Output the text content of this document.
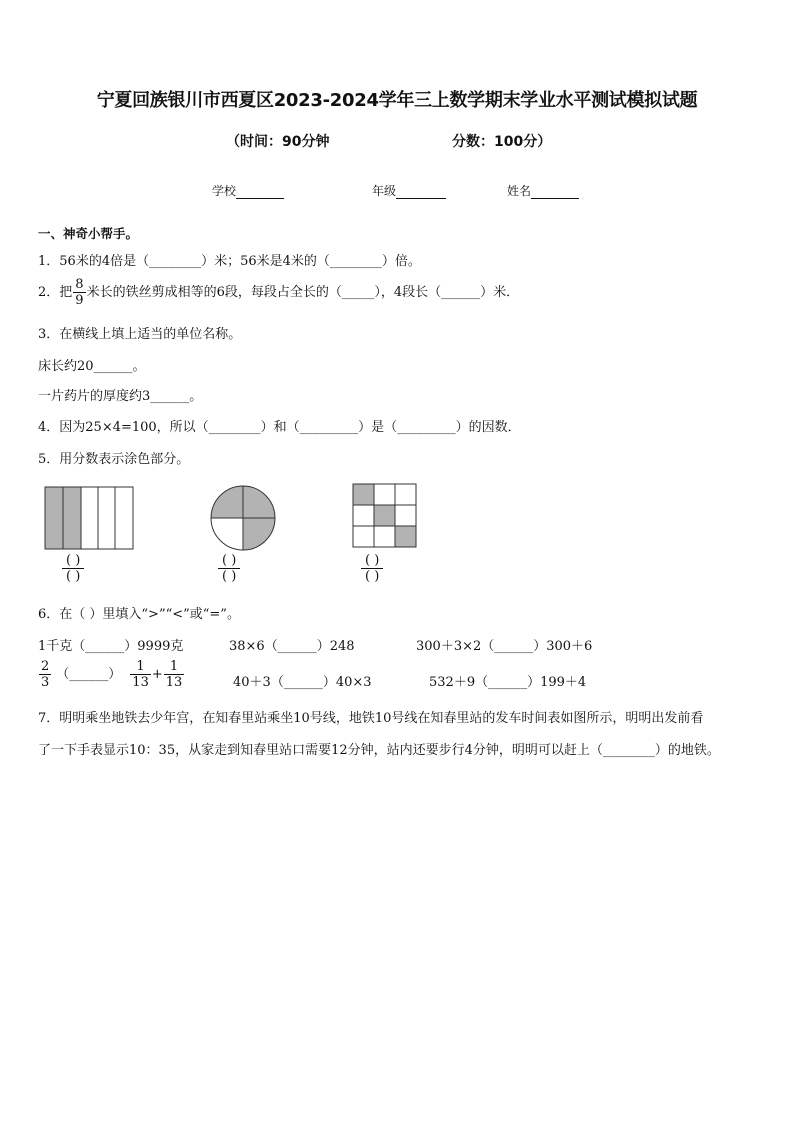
宁夏回族银川市西夏区2023-2024学年三上数学期末学业水平测试模拟试题
（时间：90分钟	分数：100分）
学校	年级	姓名
一、神奇小帮手。
1．56米的4倍是（________）米；56米是4米的（________）倍。
2．把 $\frac{8}{9}$ 米长的铁丝剪成相等的6段，每段占全长的（_____），4段长（______）米．
3．在横线上填上适当的单位名称。
床长约20______。
一片药片的厚度约3______。
4．因为25×4=100，所以（________）和（_________）是（_________）的因数．
5．用分数表示涂色部分。
( )
( )
( )
( )
( )
( )
6．在（ ）里填入“>”“<”或“=”。
1千克（______）9999克	38×6（______）248	300＋3×2（______）300＋6
$\frac{2}{3}$ （______） $\frac{1}{13} + \frac{1}{13}$	40＋3（______）40×3	532＋9（______）199＋4
7．明明乘坐地铁去少年宫，在知春里站乘坐10号线，地铁10号线在知春里站的发车时间表如图所示，明明出发前看
了一下手表显示10：35，从家走到知春里站口需要12分钟，站内还要步行4分钟，明明可以赶上（________）的地铁。
